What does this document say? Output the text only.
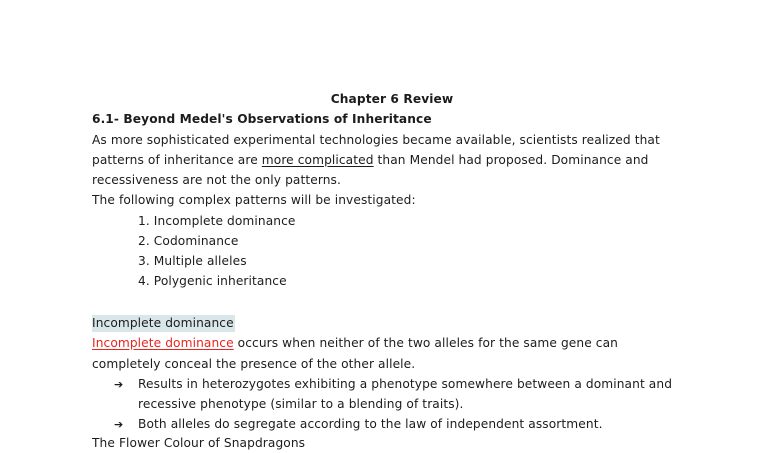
Chapter 6 Review
6.1- Beyond Medel's Observations of Inheritance
As more sophisticated experimental technologies became available, scientists realized that
patterns of inheritance are more complicated than Mendel had proposed. Dominance and
recessiveness are not the only patterns.
The following complex patterns will be investigated:
1. Incomplete dominance
2. Codominance
3. Multiple alleles
4. Polygenic inheritance
Incomplete dominance
Incomplete dominance occurs when neither of the two alleles for the same gene can
completely conceal the presence of the other allele.
➔ Results in heterozygotes exhibiting a phenotype somewhere between a dominant and
recessive phenotype (similar to a blending of traits).
➔ Both alleles do segregate according to the law of independent assortment.
The Flower Colour of Snapdragons
